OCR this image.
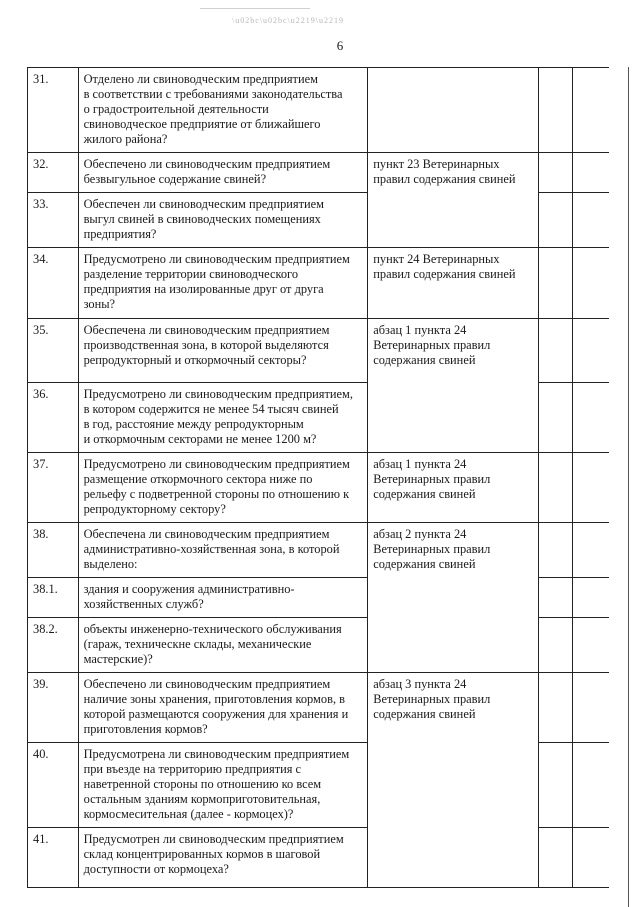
\u02bc\u02bc\u2219\u2219
6
31.	Отделено ли свиноводческим предприятием
в соответствии с требованиями законодательства
о градостроительной деятельности
свиноводческое предприятие от ближайшего
жилого района?			
32.	Обеспечено ли свиноводческим предприятием
безвыгульное содержание свиней?	пункт 23 Ветеринарных
правил содержания свиней		
33.	Обеспечен ли свиноводческим предприятием
выгул свиней в свиноводческих помещениях
предприятия?			
34.	Предусмотрено ли свиноводческим предприятием
разделение территории свиноводческого
предприятия на изолированные друг от друга
зоны?	пункт 24 Ветеринарных
правил содержания свиней		
35.	Обеспечена ли свиноводческим предприятием
производственная зона, в которой выделяются
репродукторный и откормочный секторы?	абзац 1 пункта 24
Ветеринарных правил
содержания свиней		
36.	Предусмотрено ли свиноводческим предприятием,
в котором содержится не менее 54 тысяч свиней
в год, расстояние между репродукторным
и откормочным секторами не менее 1200 м?			
37.	Предусмотрено ли свиноводческим предприятием
размещение откормочного сектора ниже по
рельефу с подветренной стороны по отношению к
репродукторному сектору?	абзац 1 пункта 24
Ветеринарных правил
содержания свиней		
38.	Обеспечена ли свиноводческим предприятием
административно-хозяйственная зона, в которой
выделено:	абзац 2 пункта 24
Ветеринарных правил
содержания свиней		
38.1.	здания и сооружения административно-
хозяйственных служб?			
38.2.	объекты инженерно-технического обслуживания
(гараж, техническне склады, механические
мастерские)?			
39.	Обеспечено ли свиноводческим предприятием
наличие зоны хранения, приготовления кормов, в
которой размещаются сооружения для хранения и
приготовления кормов?	абзац 3 пункта 24
Ветеринарных правил
содержания свиней		
40.	Предусмотрена ли свиноводческим предприятием
при въезде на территорию предприятия с
наветренной стороны по отношению ко всем
остальным зданиям кормоприготовительная,
кормосмесительная (далее - кормоцех)?			
41.	Предусмотрен ли свиноводческим предприятием
склад концентрированных кормов в шаговой
доступности от кормоцеха?			
